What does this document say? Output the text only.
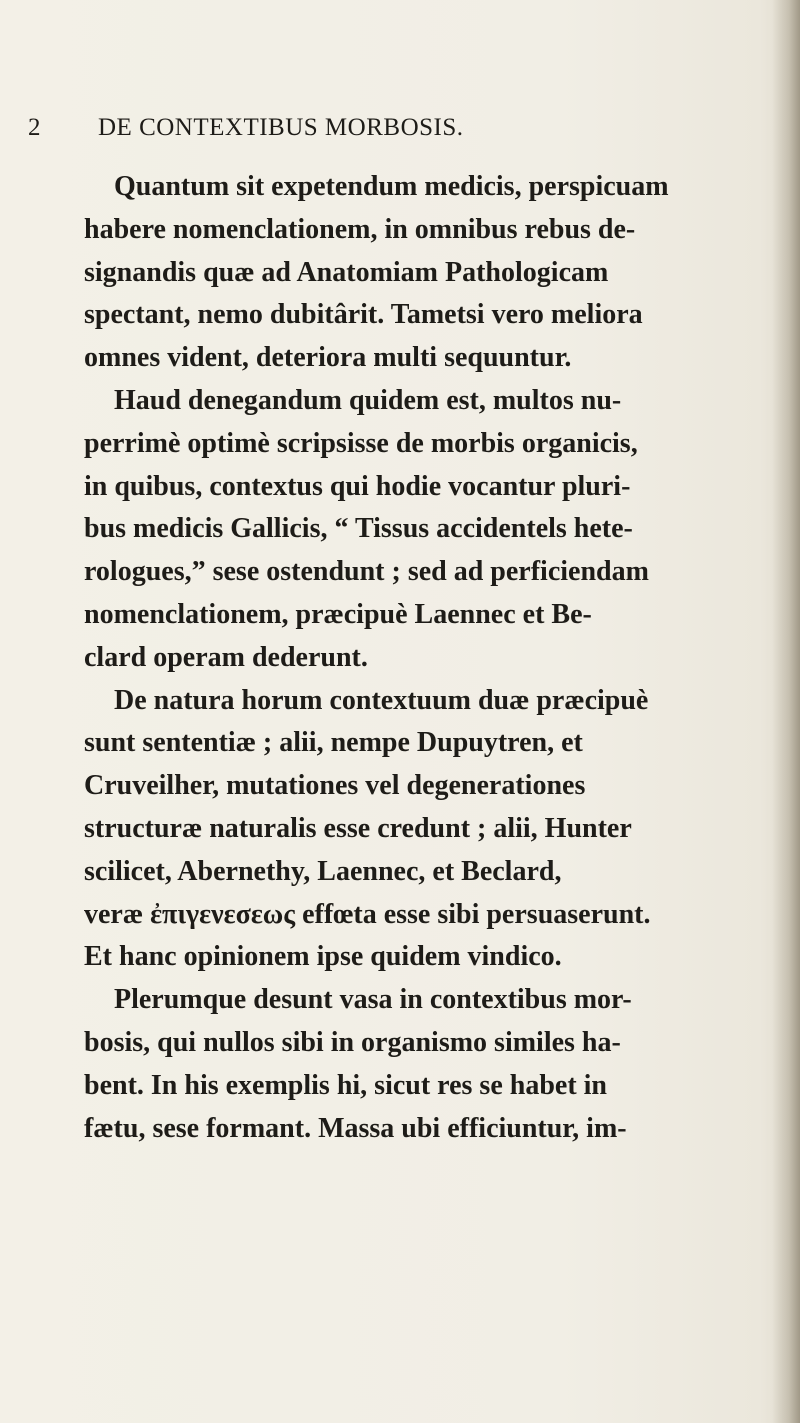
2 DE CONTEXTIBUS MORBOSIS.
Quantum sit expetendum medicis, perspicuam
habere nomenclationem, in omnibus rebus de-
signandis quæ ad Anatomiam Pathologicam
spectant, nemo dubitârit. Tametsi vero meliora
omnes vident, deteriora multi sequuntur.
Haud denegandum quidem est, multos nu-
perrimè optimè scripsisse de morbis organicis,
in quibus, contextus qui hodie vocantur pluri-
bus medicis Gallicis, “ Tissus accidentels hete-
rologues,” sese ostendunt ; sed ad perficiendam
nomenclationem, præcipuè Laennec et Be-
clard operam dederunt.
De natura horum contextuum duæ præcipuè
sunt sententiæ ; alii, nempe Dupuytren, et
Cruveilher, mutationes vel degenerationes
structuræ naturalis esse credunt ; alii, Hunter
scilicet, Abernethy, Laennec, et Beclard,
veræ ἐπιγενεσεως effœta esse sibi persuaserunt.
Et hanc opinionem ipse quidem vindico.
Plerumque desunt vasa in contextibus mor-
bosis, qui nullos sibi in organismo similes ha-
bent. In his exemplis hi, sicut res se habet in
fætu, sese formant. Massa ubi efficiuntur, im-
